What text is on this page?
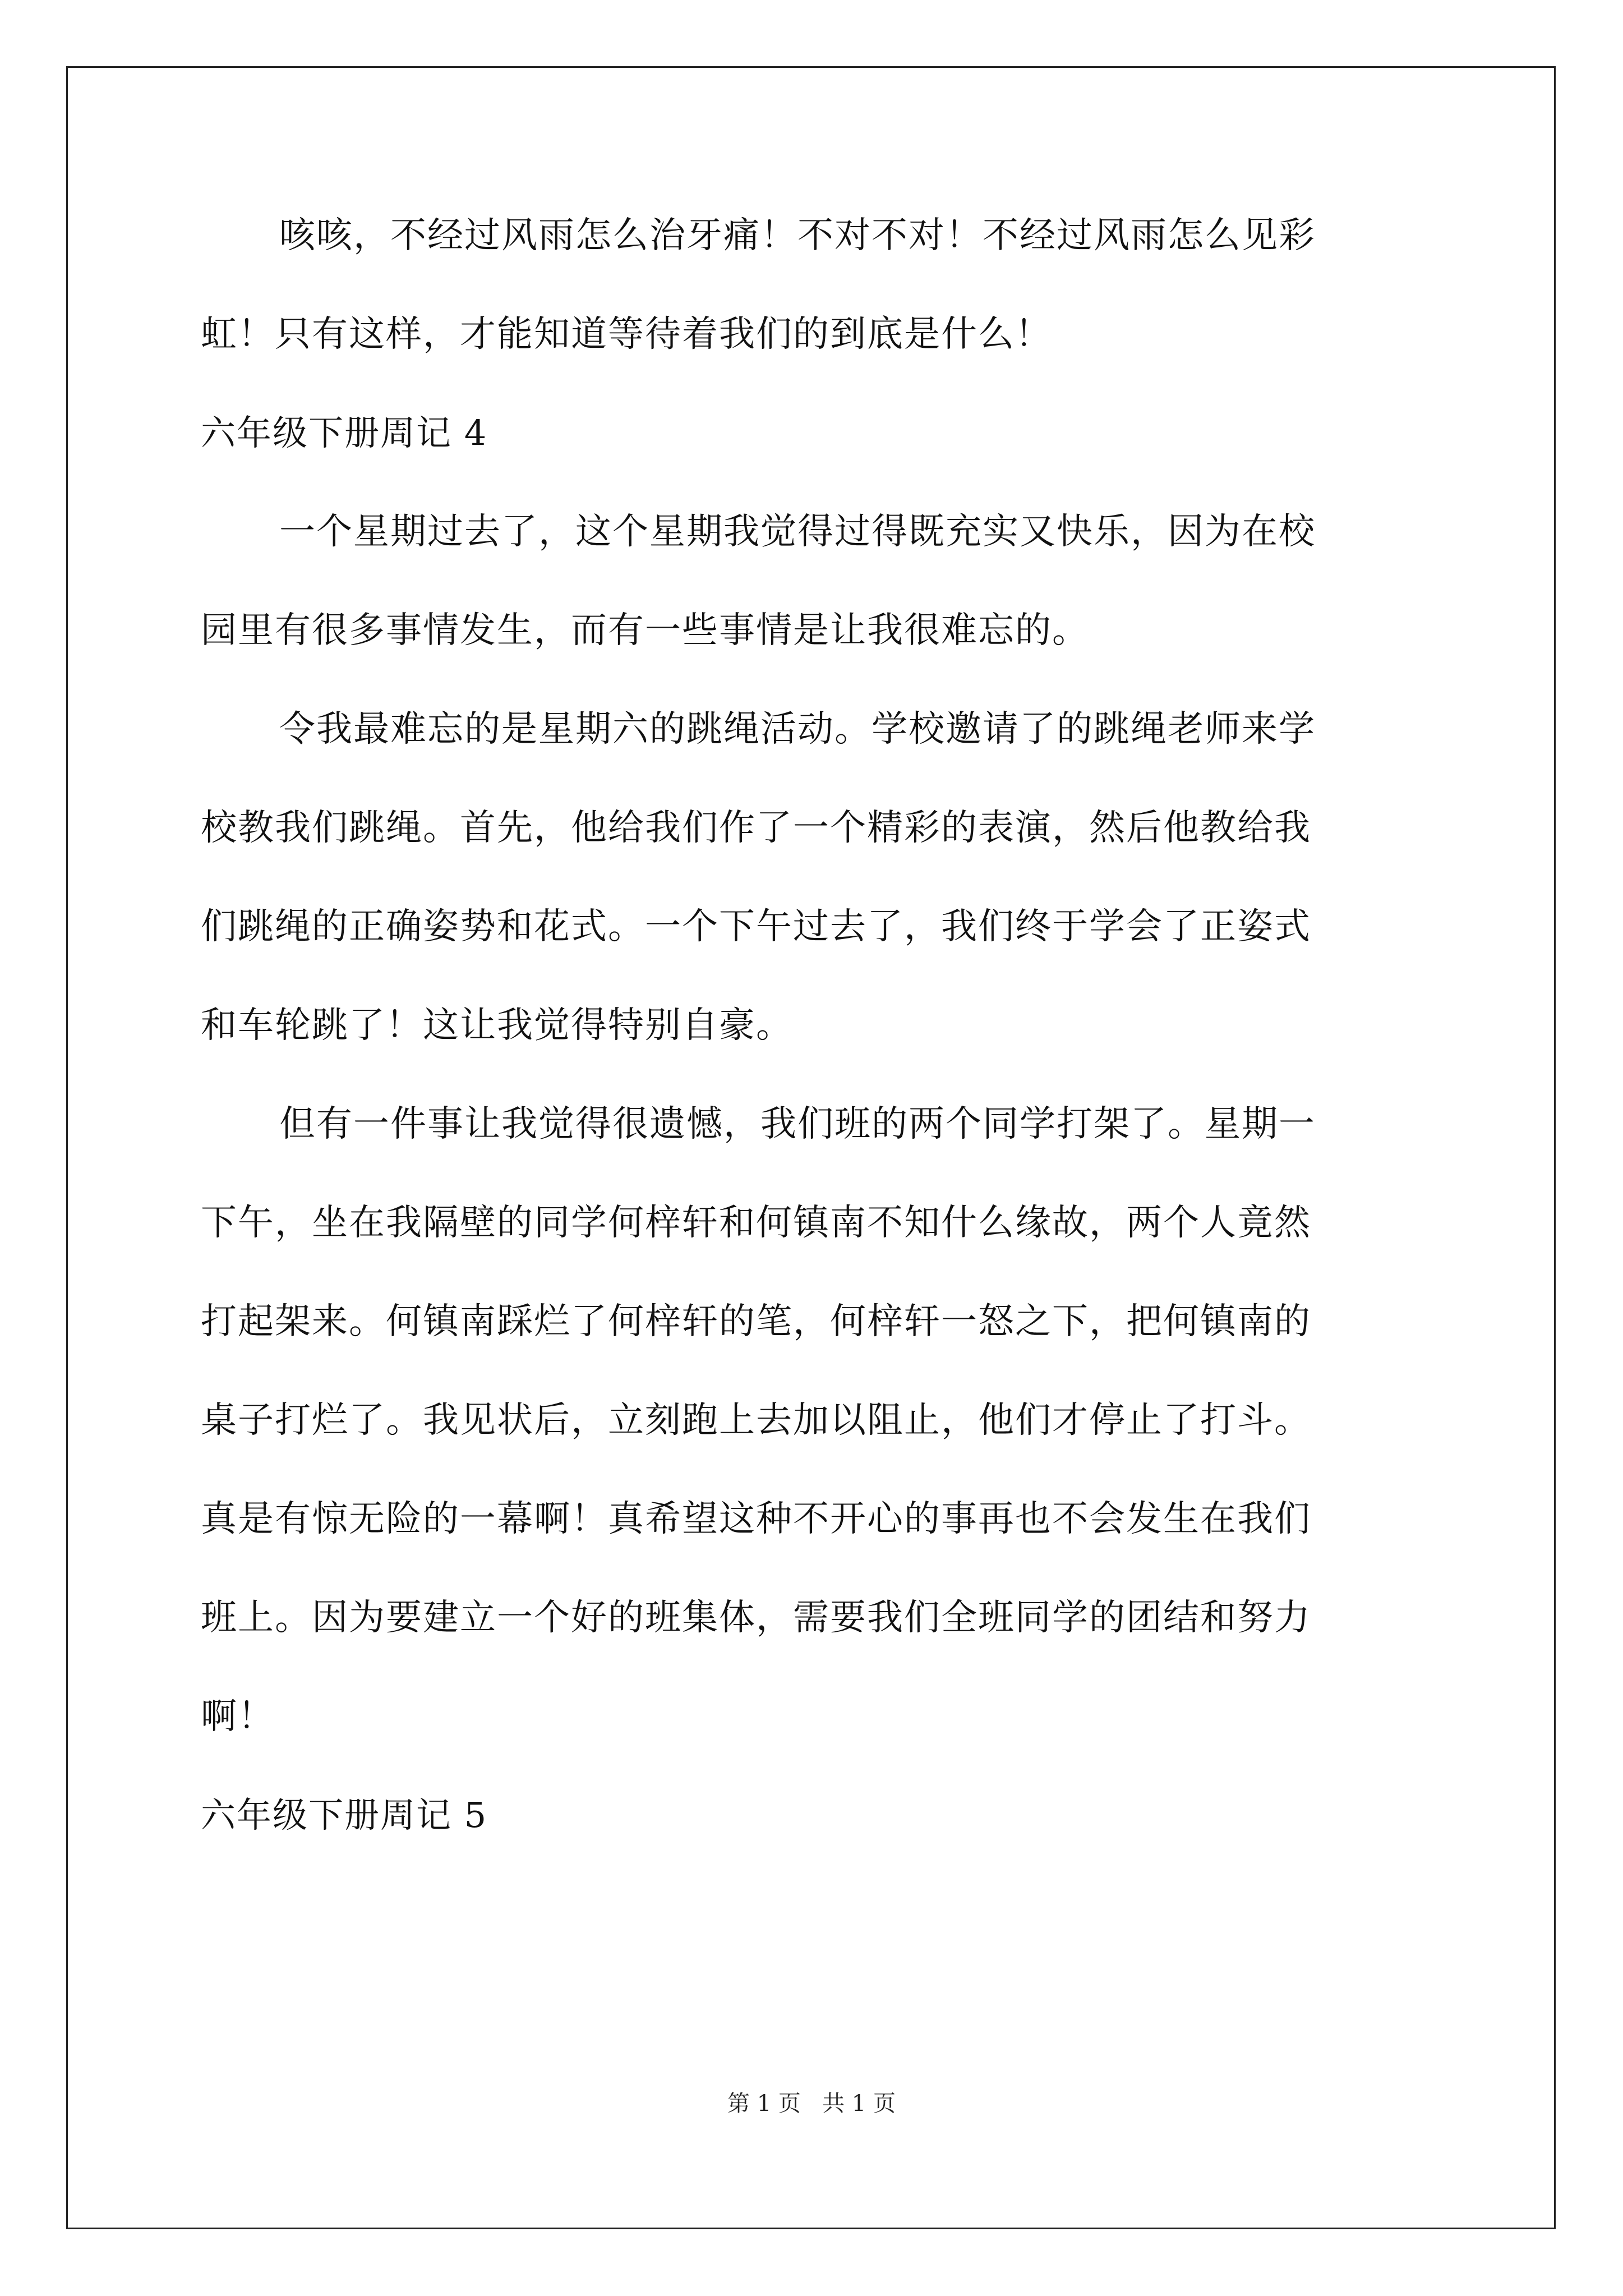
咳咳，不经过风雨怎么治牙痛！不对不对！不经过风雨怎么见彩
虹！只有这样，才能知道等待着我们的到底是什么！
六年级下册周记 4
一个星期过去了，这个星期我觉得过得既充实又快乐，因为在校
园里有很多事情发生，而有一些事情是让我很难忘的。
令我最难忘的是星期六的跳绳活动。学校邀请了的跳绳老师来学
校教我们跳绳。首先，他给我们作了一个精彩的表演，然后他教给我
们跳绳的正确姿势和花式。一个下午过去了，我们终于学会了正姿式
和车轮跳了！这让我觉得特别自豪。
但有一件事让我觉得很遗憾，我们班的两个同学打架了。星期一
下午，坐在我隔壁的同学何梓轩和何镇南不知什么缘故，两个人竟然
打起架来。何镇南踩烂了何梓轩的笔，何梓轩一怒之下，把何镇南的
桌子打烂了。我见状后，立刻跑上去加以阻止，他们才停止了打斗。
真是有惊无险的一幕啊！真希望这种不开心的事再也不会发生在我们
班上。因为要建立一个好的班集体，需要我们全班同学的团结和努力
啊！
六年级下册周记 5
第 1 页   共 1 页
